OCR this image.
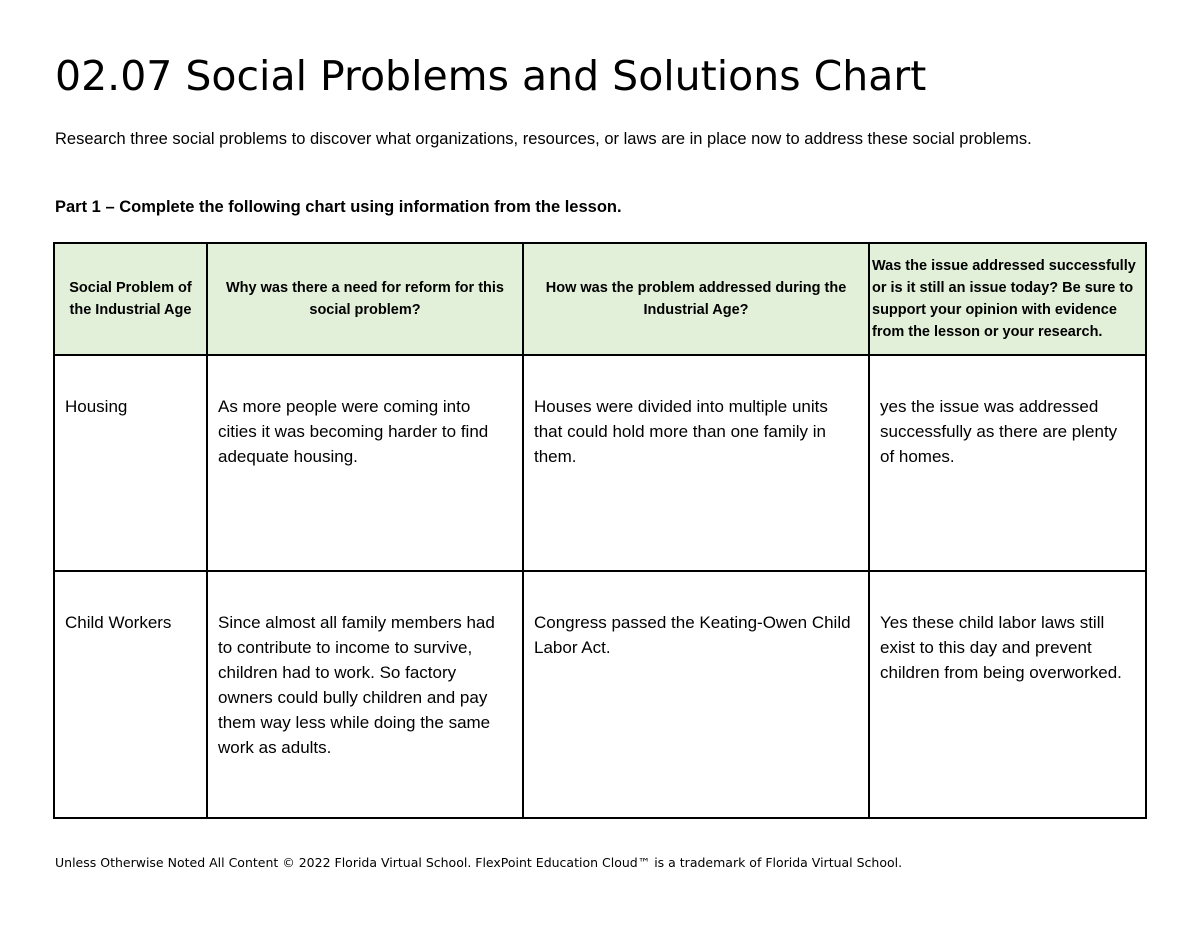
02.07 Social Problems and Solutions Chart
Research three social problems to discover what organizations, resources, or laws are in place now to address these social problems.
Part 1 – Complete the following chart using information from the lesson.
Social Problem of the Industrial Age	Why was there a need for reform for this social problem?	How was the problem addressed during the Industrial Age?	Was the issue addressed successfully or is it still an issue today? Be sure to support your opinion with evidence from the lesson or your research.
Housing	As more people were coming into cities it was becoming harder to find adequate housing.	Houses were divided into multiple units that could hold more than one family in them.	yes the issue was addressed successfully as there are plenty of homes.
Child Workers	Since almost all family members had to contribute to income to survive, children had to work. So factory owners could bully children and pay them way less while doing the same work as adults.	Congress passed the Keating-Owen Child Labor Act.	Yes these child labor laws still exist to this day and prevent children from being overworked.
Unless Otherwise Noted All Content © 2022 Florida Virtual School. FlexPoint Education Cloud™ is a trademark of Florida Virtual School.
